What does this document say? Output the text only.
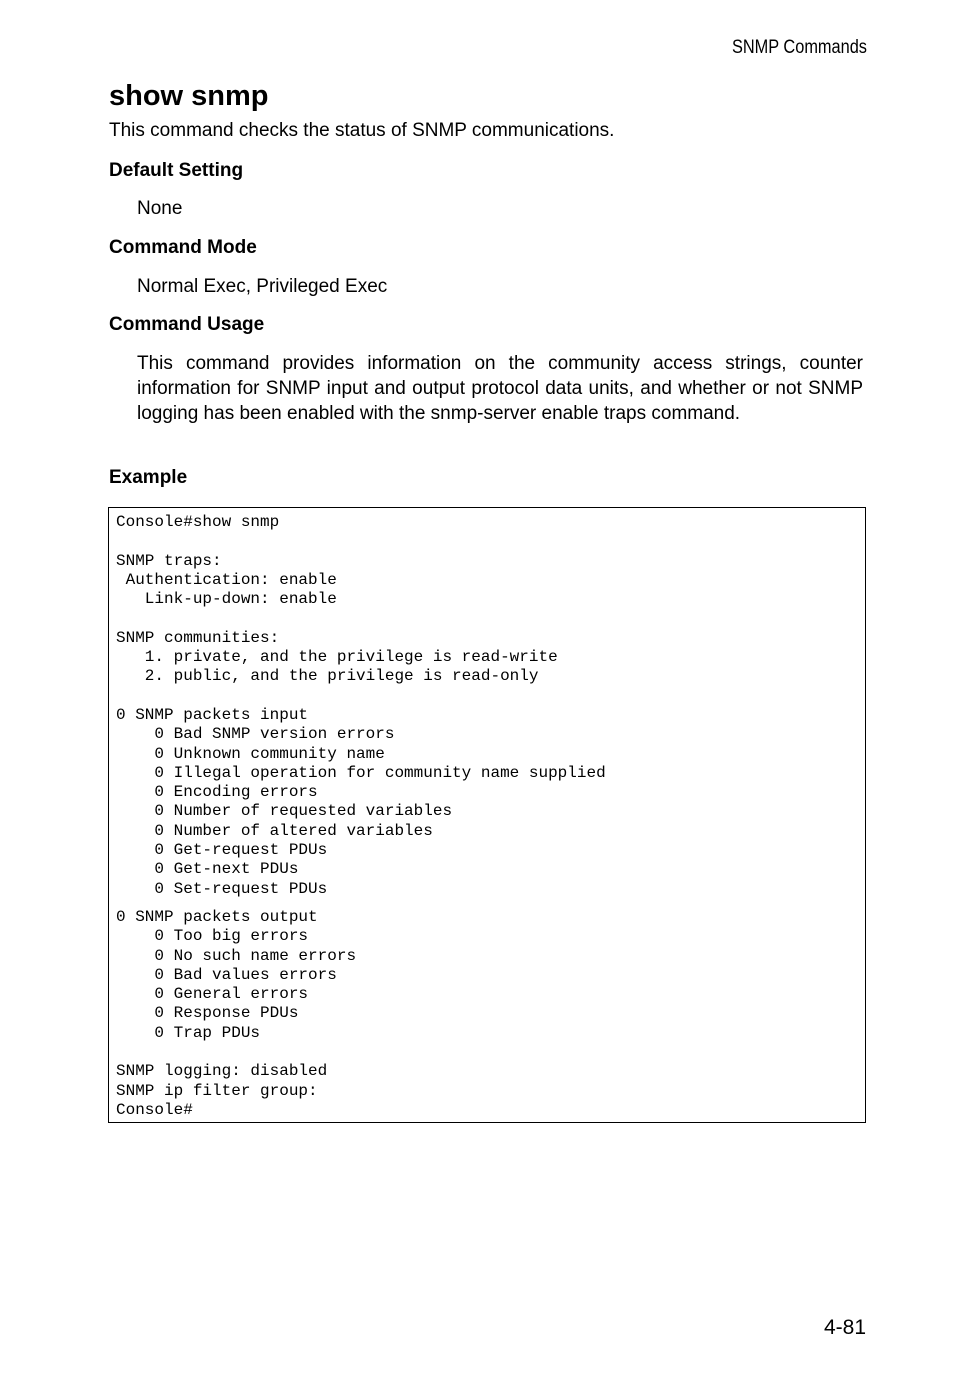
SNMP Commands
show snmp

This command checks the status of SNMP communications.

Default Setting

None

Command Mode

Normal Exec, Privileged Exec

Command Usage

This command provides information on the community access strings, counter information for SNMP input and output protocol data units, and whether or not SNMP logging has been enabled with the snmp-server enable traps command.

Example
Console#show snmp

SNMP traps:
Authentication: enable
Link-up-down: enable

SNMP communities:
1. private, and the privilege is read-write
2. public, and the privilege is read-only

0 SNMP packets input
0 Bad SNMP version errors
0 Unknown community name
0 Illegal operation for community name supplied
0 Encoding errors
0 Number of requested variables
0 Number of altered variables
0 Get-request PDUs
0 Get-next PDUs
0 Set-request PDUs
0 SNMP packets output
0 Too big errors
0 No such name errors
0 Bad values errors
0 General errors
0 Response PDUs
0 Trap PDUs

SNMP logging: disabled
SNMP ip filter group:
Console#
4-81
